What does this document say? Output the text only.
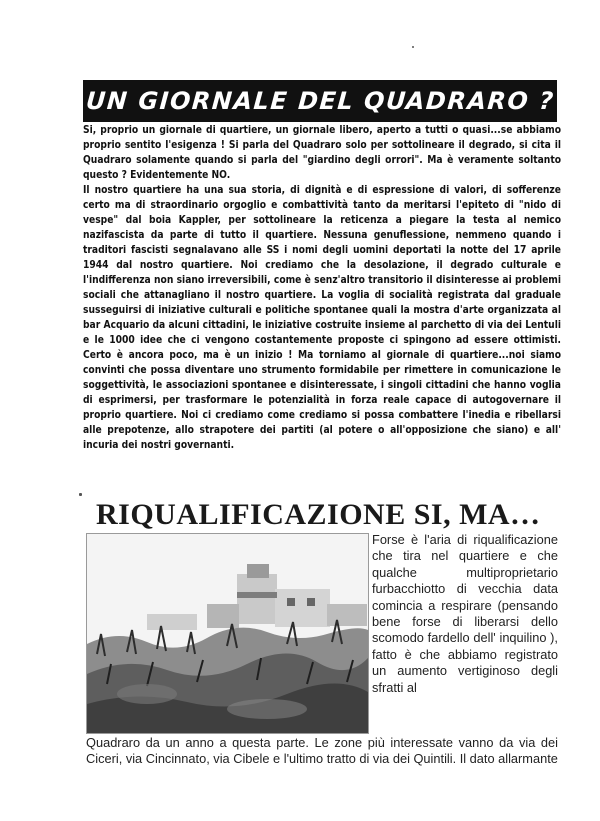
UN GIORNALE DEL QUADRARO ?

Si, proprio un giornale di quartiere, un giornale libero, aperto a tutti o quasi...se abbiamo proprio sentito l'esigenza ! Si parla del Quadraro solo per sottolineare il degrado, si cita il Quadraro solamente quando si parla del "giardino degli orrori". Ma è veramente soltanto questo ? Evidentemente NO.

Il nostro quartiere ha una sua storia, di dignità e di espressione di valori, di sofferenze certo ma di straordinario orgoglio e combattività tanto da meritarsi l'epiteto di "nido di vespe" dal boia Kappler, per sottolineare la reticenza a piegare la testa al nemico nazifascista da parte di tutto il quartiere. Nessuna genuflessione, nemmeno quando i traditori fascisti segnalavano alle SS i nomi degli uomini deportati la notte del 17 aprile 1944 dal nostro quartiere. Noi crediamo che la desolazione, il degrado culturale e l'indifferenza non siano irreversibili, come è senz'altro transitorio il disinteresse ai problemi sociali che attanagliano il nostro quartiere. La voglia di socialità registrata dal graduale susseguirsi di iniziative culturali e politiche spontanee quali la mostra d'arte organizzata al bar Acquario da alcuni cittadini, le iniziative costruite insieme al parchetto di via dei Lentuli e le 1000 idee che ci vengono costantemente proposte ci spingono ad essere ottimisti. Certo è ancora poco, ma è un inizio ! Ma torniamo al giornale di quartiere...noi siamo convinti che possa diventare uno strumento formidabile per rimettere in comunicazione le soggettività, le associazioni spontanee e disinteressate, i singoli cittadini che hanno voglia di esprimersi, per trasformare le potenzialità in forza reale capace di autogovernare il proprio quartiere. Noi ci crediamo come crediamo si possa combattere l'inedia e ribellarsi alle prepotenze, allo strapotere dei partiti (al potere o all'opposizione che siano) e all' incuria dei nostri governanti.

RIQUALIFICAZIONE SI, MA…

Forse è l'aria di riqualificazione che tira nel quartiere e che qualche multiproprietario furbacchiotto di vecchia data comincia a respirare (pensando bene forse di liberarsi dello scomodo fardello dell' inquilino ), fatto è che abbiamo registrato un aumento vertiginoso degli sfratti al

Quadraro da un anno a questa parte. Le zone più interessate vanno da via dei Ciceri, via Cincinnato, via Cibele e l'ultimo tratto di via dei Quintili. Il dato allarmante
